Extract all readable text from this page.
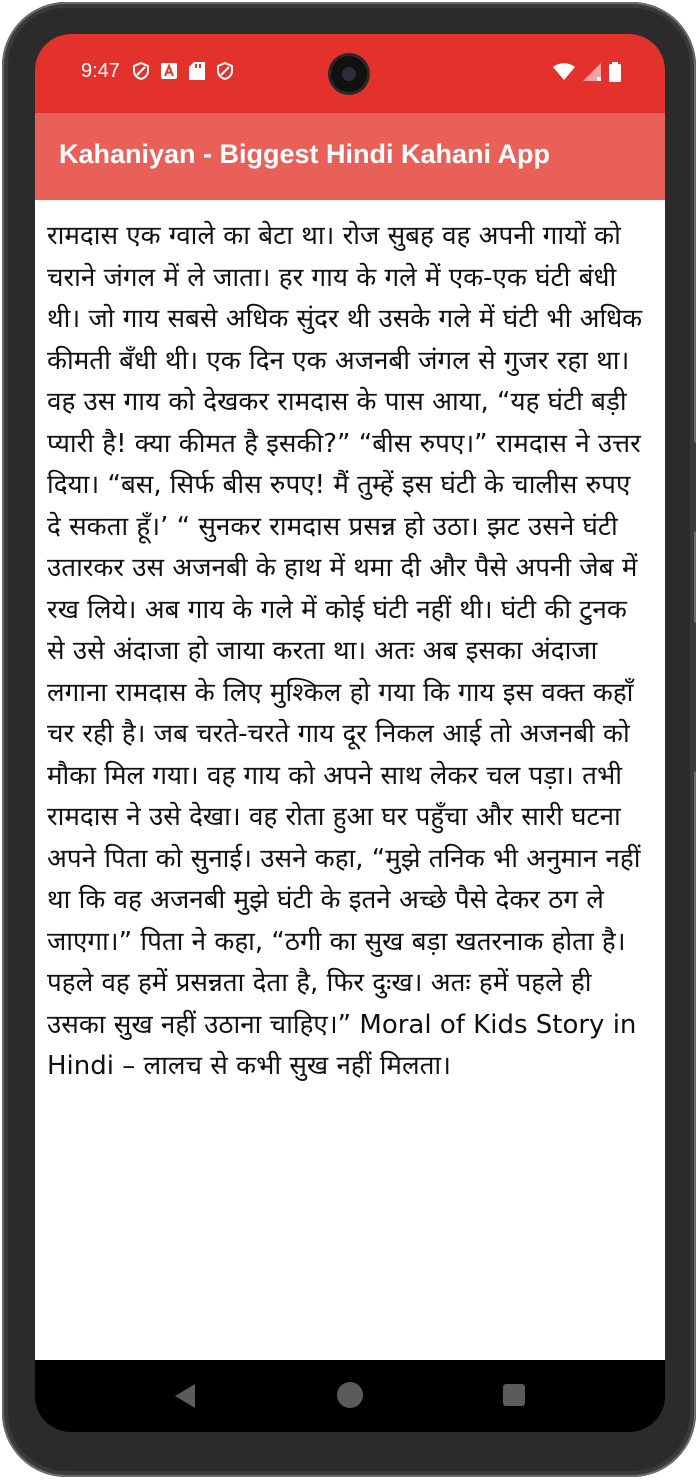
9:47
Kahaniyan - Biggest Hindi Kahani App
रामदास एक ग्वाले का बेटा था। रोज सुबह वह अपनी गायों को चराने जंगल में ले जाता। हर गाय के गले में एक-एक घंटी बंधी थी। जो गाय सबसे अधिक सुंदर थी उसके गले में घंटी भी अधिक कीमती बँधी थी। एक दिन एक अजनबी जंगल से गुजर रहा था। वह उस गाय को देखकर रामदास के पास आया, “यह घंटी बड़ी प्यारी है! क्या कीमत है इसकी?” “बीस रुपए।” रामदास ने उत्तर दिया। “बस, सिर्फ बीस रुपए! मैं तुम्हें इस घंटी के चालीस रुपए दे सकता हूँ।’ “ सुनकर रामदास प्रसन्न हो उठा। झट उसने घंटी उतारकर उस अजनबी के हाथ में थमा दी और पैसे अपनी जेब में रख लिये। अब गाय के गले में कोई घंटी नहीं थी। घंटी की टुनक से उसे अंदाजा हो जाया करता था। अतः अब इसका अंदाजा लगाना रामदास के लिए मुश्किल हो गया कि गाय इस वक्त कहाँ चर रही है। जब चरते-चरते गाय दूर निकल आई तो अजनबी को मौका मिल गया। वह गाय को अपने साथ लेकर चल पड़ा। तभी रामदास ने उसे देखा। वह रोता हुआ घर पहुँचा और सारी घटना अपने पिता को सुनाई। उसने कहा, “मुझे तनिक भी अनुमान नहीं था कि वह अजनबी मुझे घंटी के इतने अच्छे पैसे देकर ठग ले जाएगा।” पिता ने कहा, “ठगी का सुख बड़ा खतरनाक होता है। पहले वह हमें प्रसन्नता देता है, फिर दुःख। अतः हमें पहले ही उसका सुख नहीं उठाना चाहिए।” Moral of Kids Story in Hindi – लालच से कभी सुख नहीं मिलता।
